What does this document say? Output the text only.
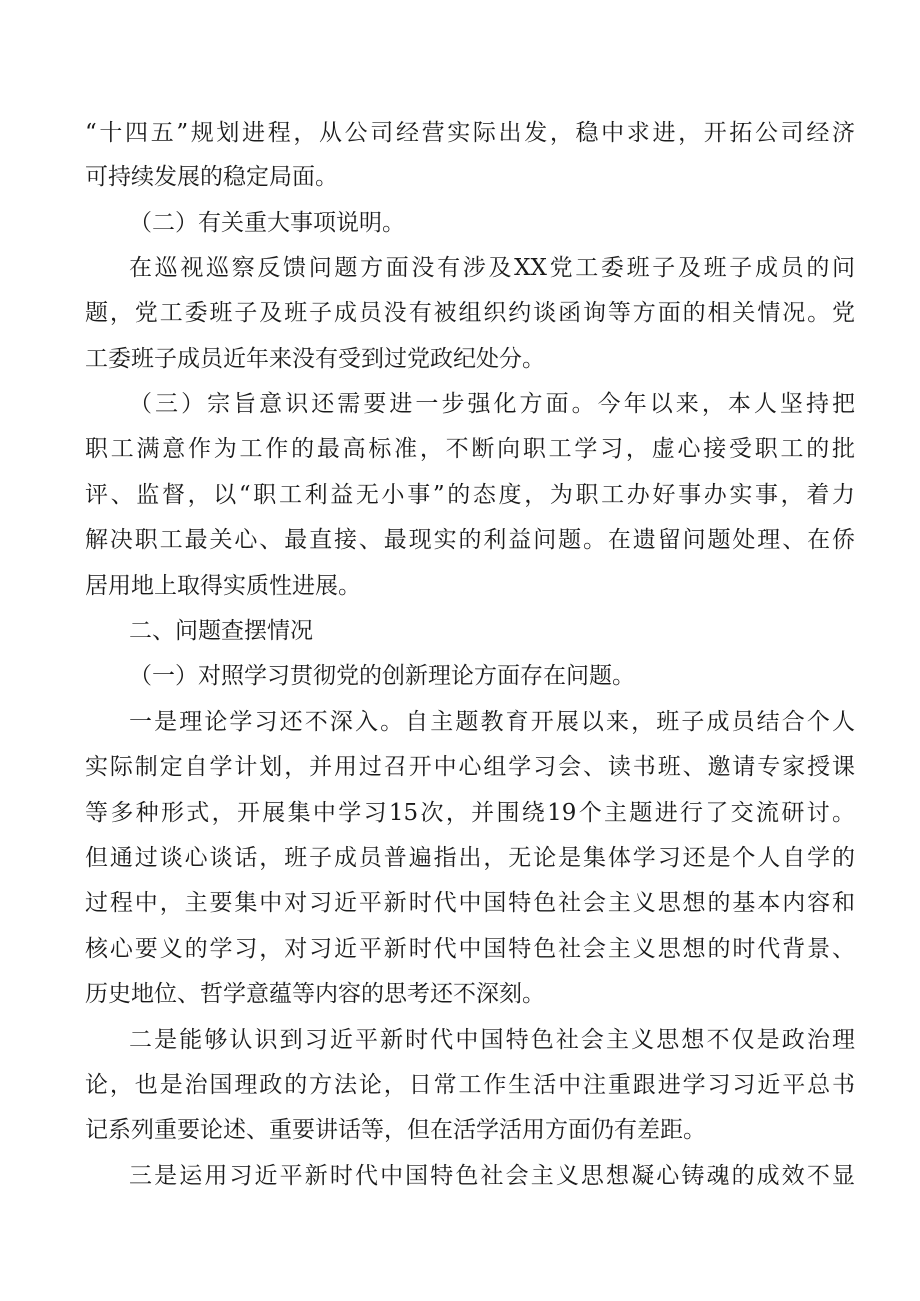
“十四五”规划进程，从公司经营实际出发，稳中求进，开拓公司经济
可持续发展的稳定局面。
（二）有关重大事项说明。
在巡视巡察反馈问题方面没有涉及XX党工委班子及班子成员的问
题，党工委班子及班子成员没有被组织约谈函询等方面的相关情况。党
工委班子成员近年来没有受到过党政纪处分。
（三）宗旨意识还需要进一步强化方面。今年以来，本人坚持把
职工满意作为工作的最高标准，不断向职工学习，虚心接受职工的批
评、监督，以“职工利益无小事”的态度，为职工办好事办实事，着力
解决职工最关心、最直接、最现实的利益问题。在遗留问题处理、在侨
居用地上取得实质性进展。
二、问题查摆情况
（一）对照学习贯彻党的创新理论方面存在问题。
一是理论学习还不深入。自主题教育开展以来，班子成员结合个人
实际制定自学计划，并用过召开中心组学习会、读书班、邀请专家授课
等多种形式，开展集中学习15次，并围绕19个主题进行了交流研讨。
但通过谈心谈话，班子成员普遍指出，无论是集体学习还是个人自学的
过程中，主要集中对习近平新时代中国特色社会主义思想的基本内容和
核心要义的学习，对习近平新时代中国特色社会主义思想的时代背景、
历史地位、哲学意蕴等内容的思考还不深刻。
二是能够认识到习近平新时代中国特色社会主义思想不仅是政治理
论，也是治国理政的方法论，日常工作生活中注重跟进学习习近平总书
记系列重要论述、重要讲话等，但在活学活用方面仍有差距。
三是运用习近平新时代中国特色社会主义思想凝心铸魂的成效不显
